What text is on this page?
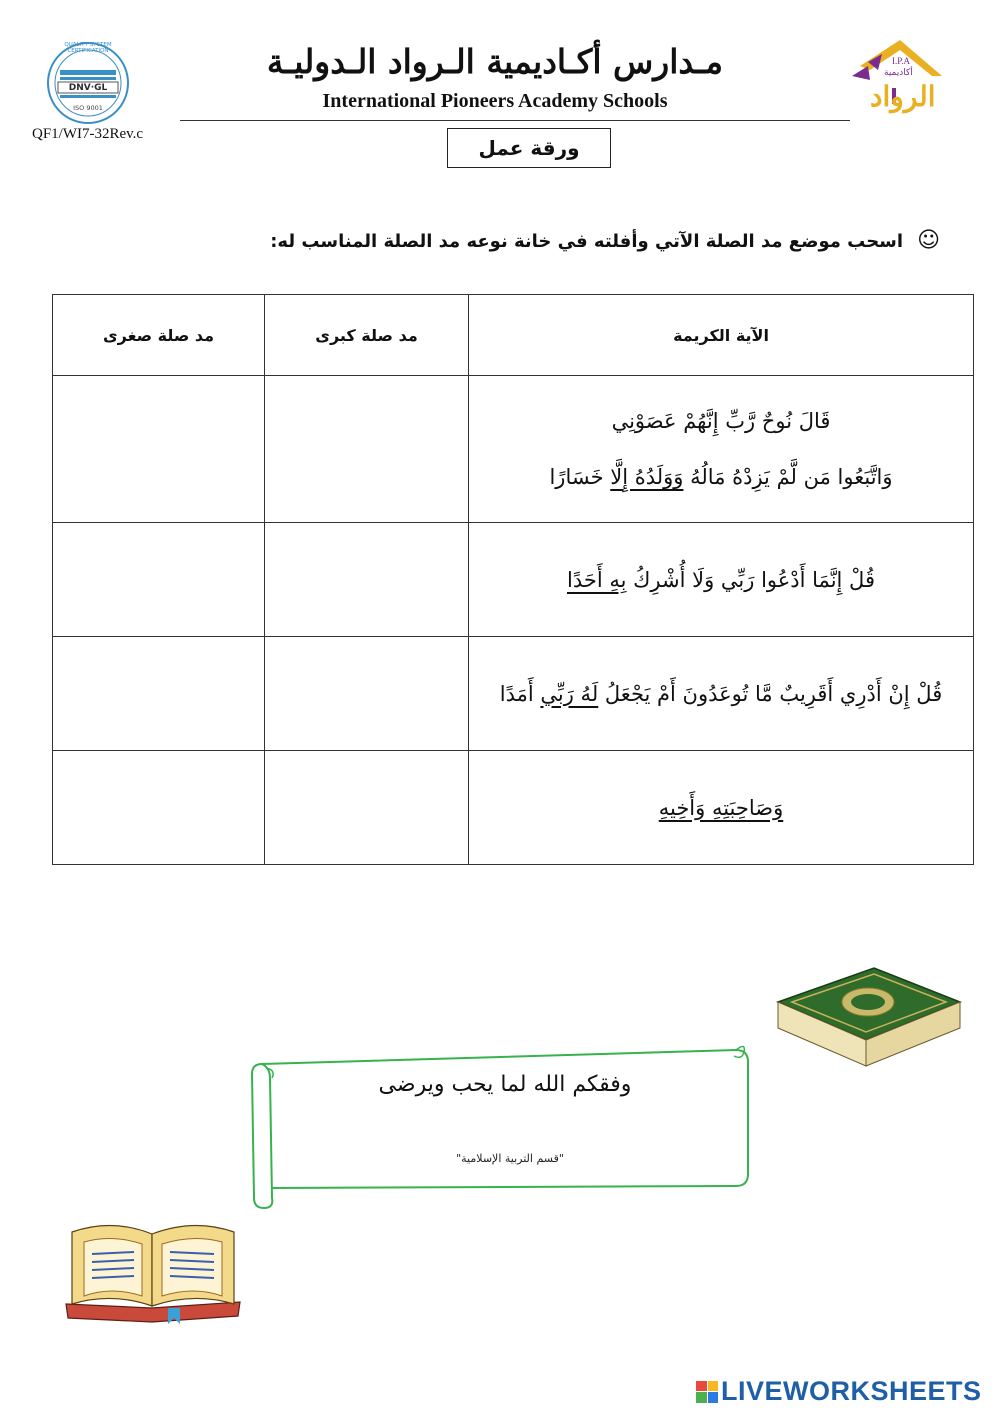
QUALITY SYSTEM CERTIFICATION
DNV·GL
ISO 9001
QF1/WI7-32Rev.c
مـدارس أكـاديمية الـرواد الـدوليـة
International Pioneers Academy Schools
I.P.A
أكاديمية
الرواد
ورقة عمل
☺اسحب موضع مد الصلة الآتي وأفلته في خانة نوعه مد الصلة المناسب له:
الآية الكريمة	مد صلة كبرى	مد صلة صغرى

قَالَ نُوحٌ رَّبِّ إِنَّهُمْ عَصَوْنِي
وَاتَّبَعُوا مَن لَّمْ يَزِدْهُ مَالُهُ وَوَلَدُهُ إِلَّا خَسَارًا		

قُلْ إِنَّمَا أَدْعُوا رَبِّي وَلَا أُشْرِكُ بِهِ أَحَدًا		

قُلْ إِنْ أَدْرِي أَقَرِيبٌ مَّا تُوعَدُونَ أَمْ يَجْعَلُ لَهُ رَبِّي أَمَدًا		

وَصَاحِبَتِهِ وَأَخِيهِ		

وفقكم الله لما يحب ويرضى
"قسم التربية الإسلامية"
LIVEWORKSHEETS
